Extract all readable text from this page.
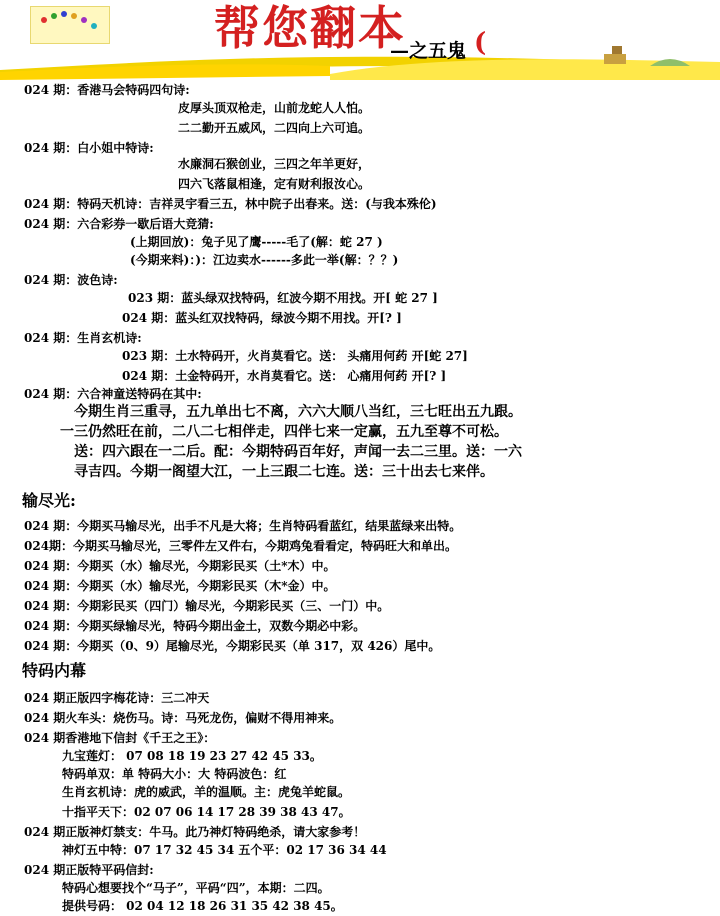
帮您翻本
—之五鬼 (
024 期：香港马会特码四句诗:
皮厚头顶双枪走，山前龙蛇人人怕。
二二勤开五威风，二四向上六可追。
024 期：白小姐中特诗:
水廉洞石猴创业，三四之年羊更好，
四六飞落鼠相逢，定有财利报汝心。
024 期：特码天机诗：吉祥灵宇看三五，林中院子出春来。送：(与我本殊伦)
024 期：六合彩券一歇后语大竞猜:
(上期回放)：兔子见了鹰-----毛了(解：蛇 27 )
(今期来料)：)：江边卖水------多此一举(解：？？)
024 期：波色诗:
023 期：蓝头绿双找特码，红波今期不用找。开[ 蛇 27 ]
024 期：蓝头红双找特码，绿波今期不用找。开[? ]
024 期：生肖玄机诗:
023 期：土水特码开，火肖莫看它。送： 头痛用何药 开[蛇 27]
024 期：土金特码开，水肖莫看它。送： 心痛用何药 开[? ]
024 期：六合神童送特码在其中:
今期生肖三重寻，五九单出七不离，六六大顺八当红，三七旺出五九跟。
一三仍然旺在前，二八二七相伴走，四伴七来一定赢，五九至尊不可松。
送：四六跟在一二后。配：今期特码百年好，声闻一去二三里。送：一六
寻吉四。今期一阁望大江，一上三跟二七连。送：三十出去七来伴。
输尽光:
024 期：今期买马输尽光，出手不凡是大将；生肖特码看蓝红，结果蓝绿来出特。
024期：今期买马输尽光，三零件左又件右，今期鸡兔看看定，特码旺大和单出。
024 期：今期买（水）输尽光，今期彩民买（土*木）中。
024 期：今期买（水）输尽光，今期彩民买（木*金）中。
024 期：今期彩民买（四门）输尽光，今期彩民买（三、一门）中。
024 期：今期买绿输尽光，特码今期出金土，双数今期必中彩。
024 期：今期买（0、9）尾输尽光，今期彩民买（单 317，双 426）尾中。
特码内幕
024 期正版四字梅花诗：三二冲天
024 期火车头：烧伤马。诗：马死龙伤，偏财不得用神来。
024 期香港地下信封《千王之王》：
九宝莲灯： 07 08 18 19 23 27 42 45 33。
特码单双：单 特码大小：大 特码波色：红
生肖玄机诗：虎的威武，羊的温顺。主：虎兔羊蛇鼠。
十指平天下：02 07 06 14 17 28 39 38 43 47。
024 期正版神灯禁支：牛马。此乃神灯特码绝杀，请大家参考！
神灯五中特：07 17 32 45 34 五个平：02 17 36 34 44
024 期正版特平码信封:
特码心想要找个“马子”，平码“四”，本期：二四。
提供号码： 02 04 12 18 26 31 35 42 38 45。
